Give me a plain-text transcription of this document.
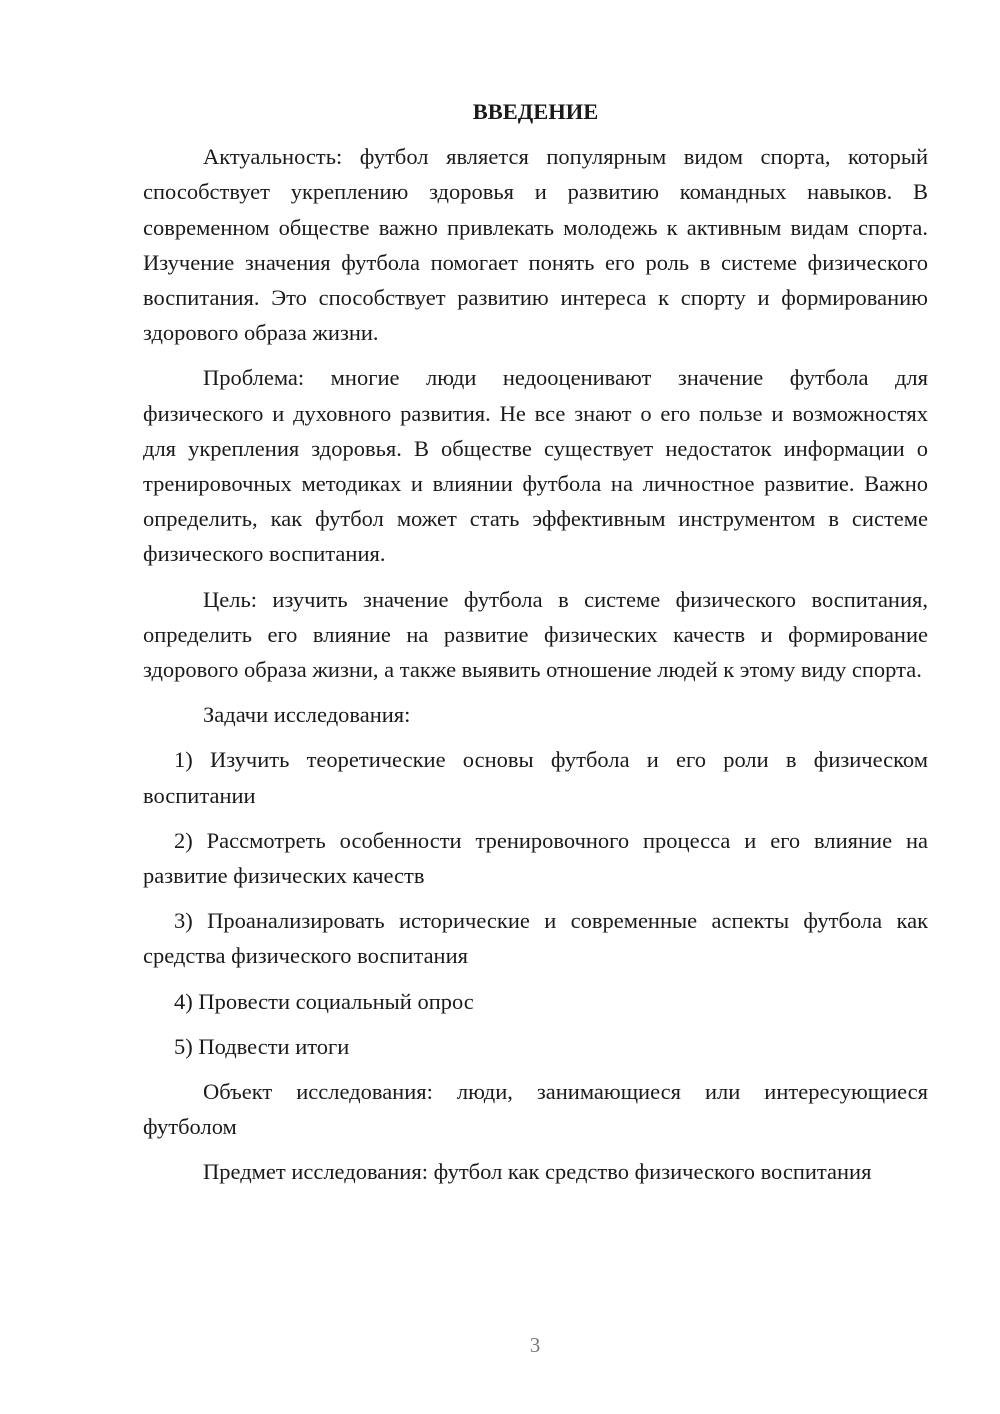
ВВЕДЕНИЕ

Актуальность: футбол является популярным видом спорта, который способствует укреплению здоровья и развитию командных навыков. В современном обществе важно привлекать молодежь к активным видам спорта. Изучение значения футбола помогает понять его роль в системе физического воспитания. Это способствует развитию интереса к спорту и формированию здорового образа жизни.

Проблема: многие люди недооценивают значение футбола для физического и духовного развития. Не все знают о его пользе и возможностях для укрепления здоровья. В обществе существует недостаток информации о тренировочных методиках и влиянии футбола на личностное развитие. Важно определить, как футбол может стать эффективным инструментом в системе физического воспитания.

Цель: изучить значение футбола в системе физического воспитания, определить его влияние на развитие физических качеств и формирование здорового образа жизни, а также выявить отношение людей к этому виду спорта.

Задачи исследования:

1) Изучить теоретические основы футбола и его роли в физическом воспитании

2) Рассмотреть особенности тренировочного процесса и его влияние на развитие физических качеств

3) Проанализировать исторические и современные аспекты футбола как средства физического воспитания

4) Провести социальный опрос

5) Подвести итоги

Объект исследования: люди, занимающиеся или интересующиеся футболом

Предмет исследования: футбол как средство физического воспитания

3
